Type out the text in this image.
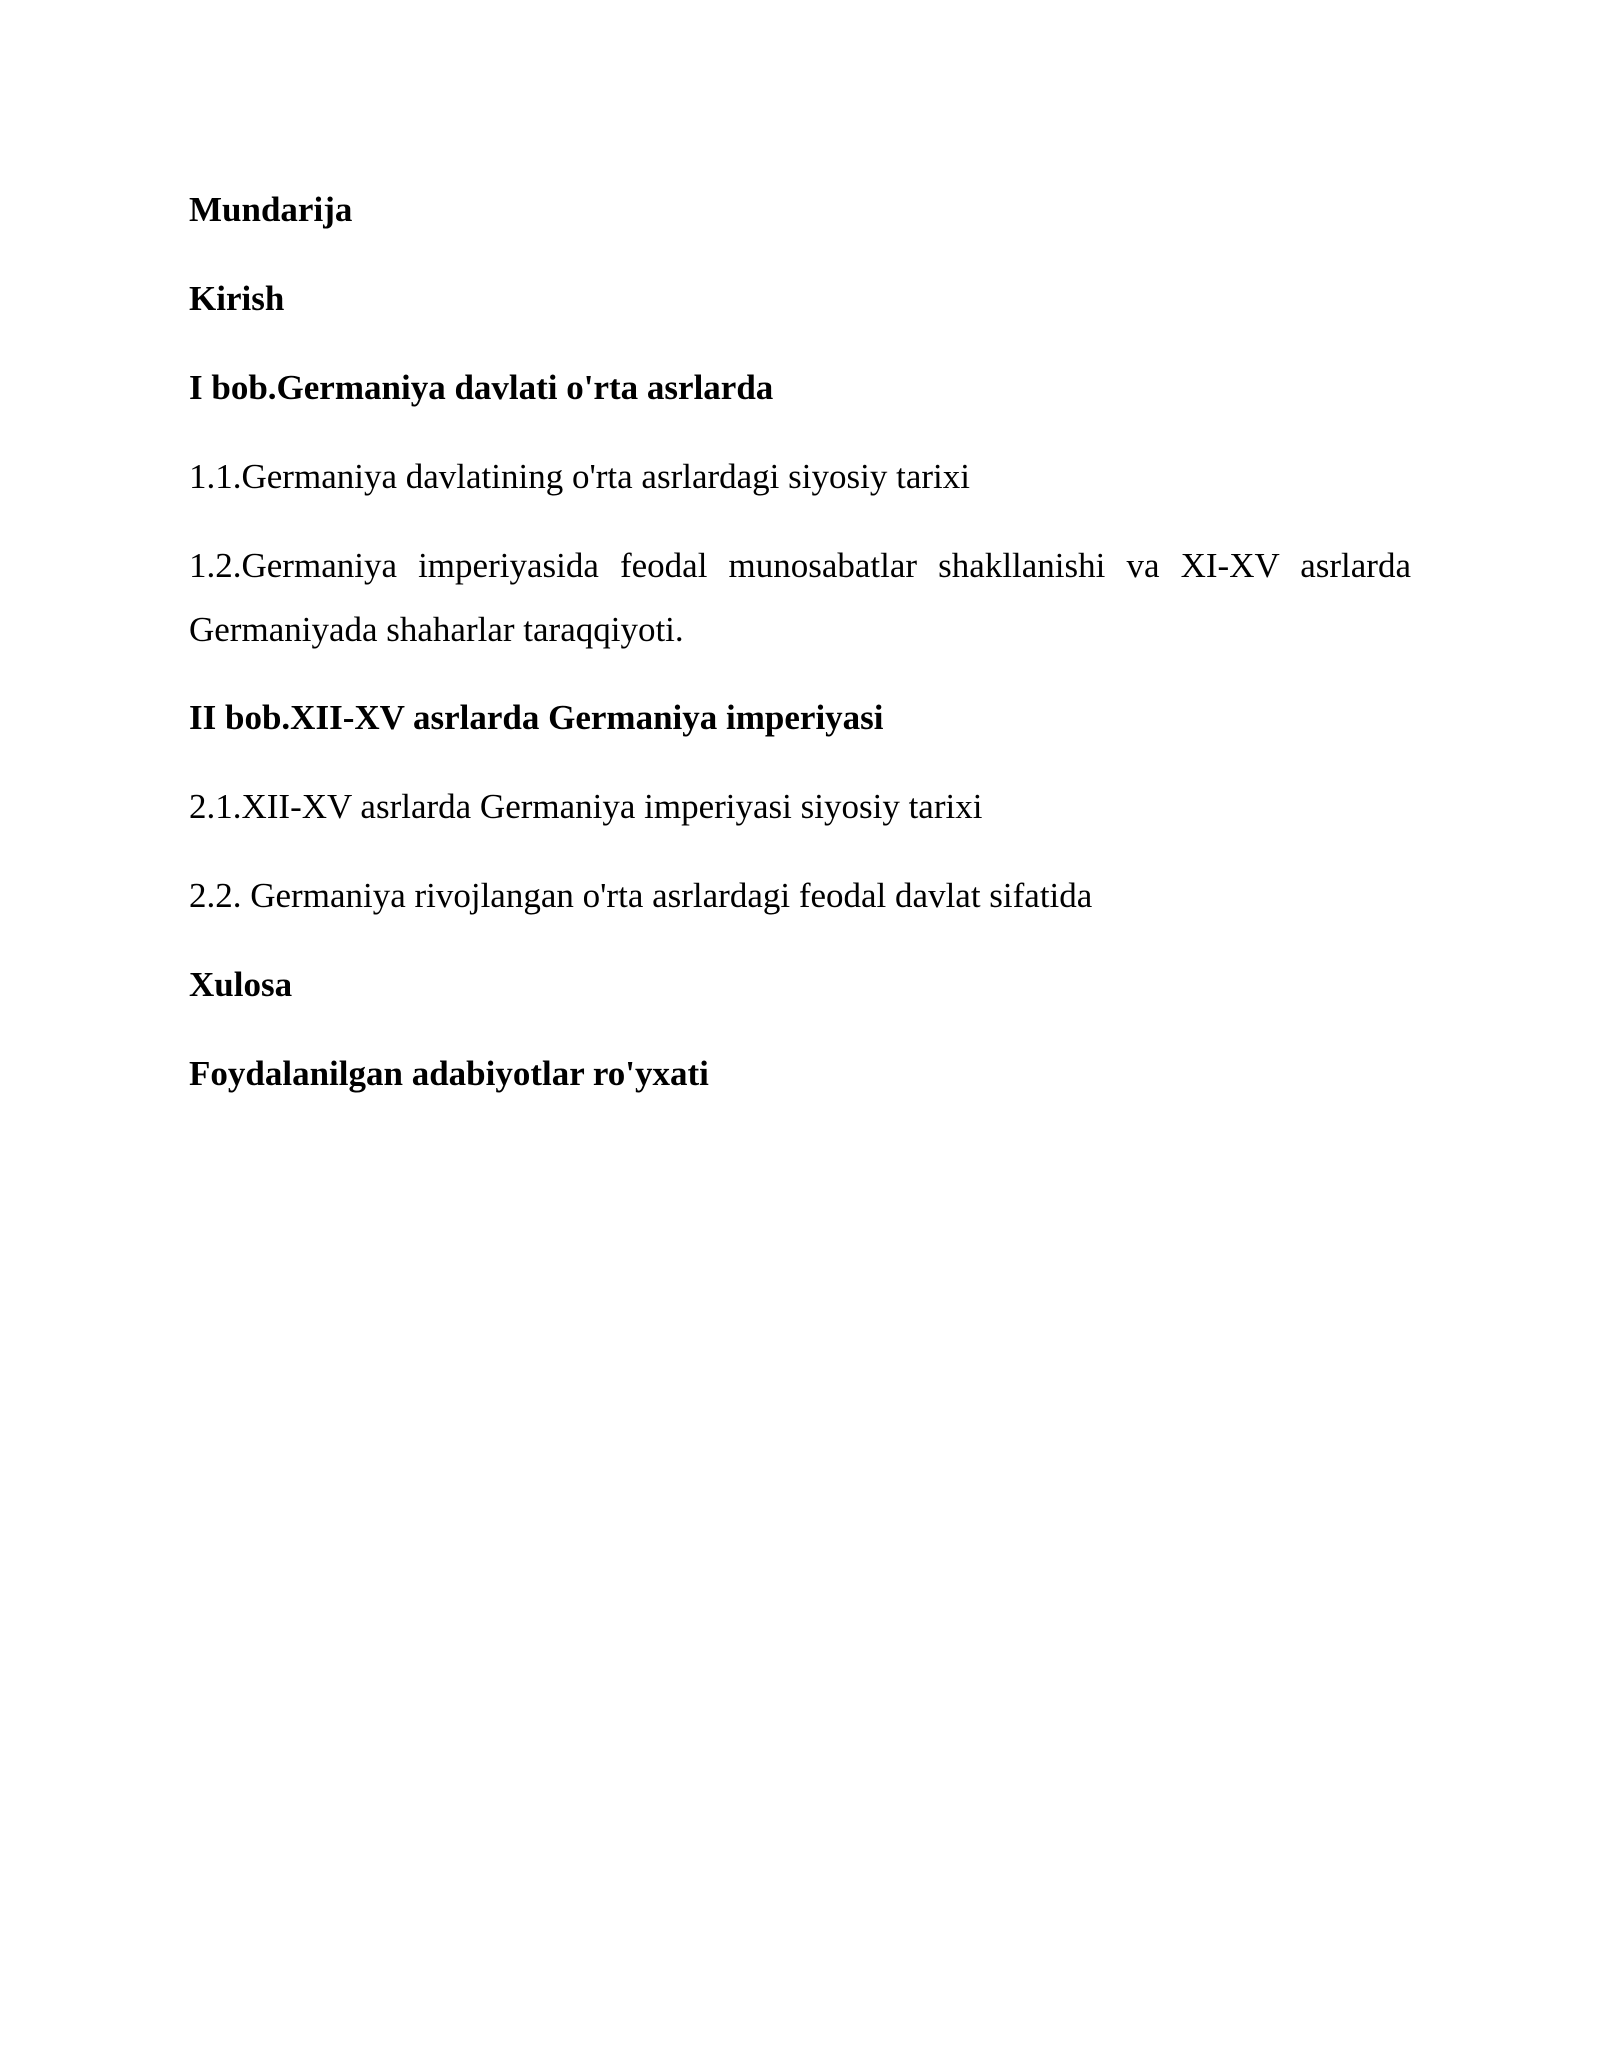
Mundarija

Kirish

I bob.Germaniya davlati o'rta asrlarda

1.1.Germaniya davlatining o'rta asrlardagi siyosiy tarixi

1.2.Germaniya imperiyasida feodal munosabatlar shakllanishi va XI-XV asrlarda Germaniyada shaharlar taraqqiyoti.

II bob.XII-XV asrlarda Germaniya imperiyasi

2.1.XII-XV asrlarda Germaniya imperiyasi siyosiy tarixi

2.2. Germaniya rivojlangan o'rta asrlardagi feodal davlat sifatida

Xulosa

Foydalanilgan adabiyotlar ro'yxati
